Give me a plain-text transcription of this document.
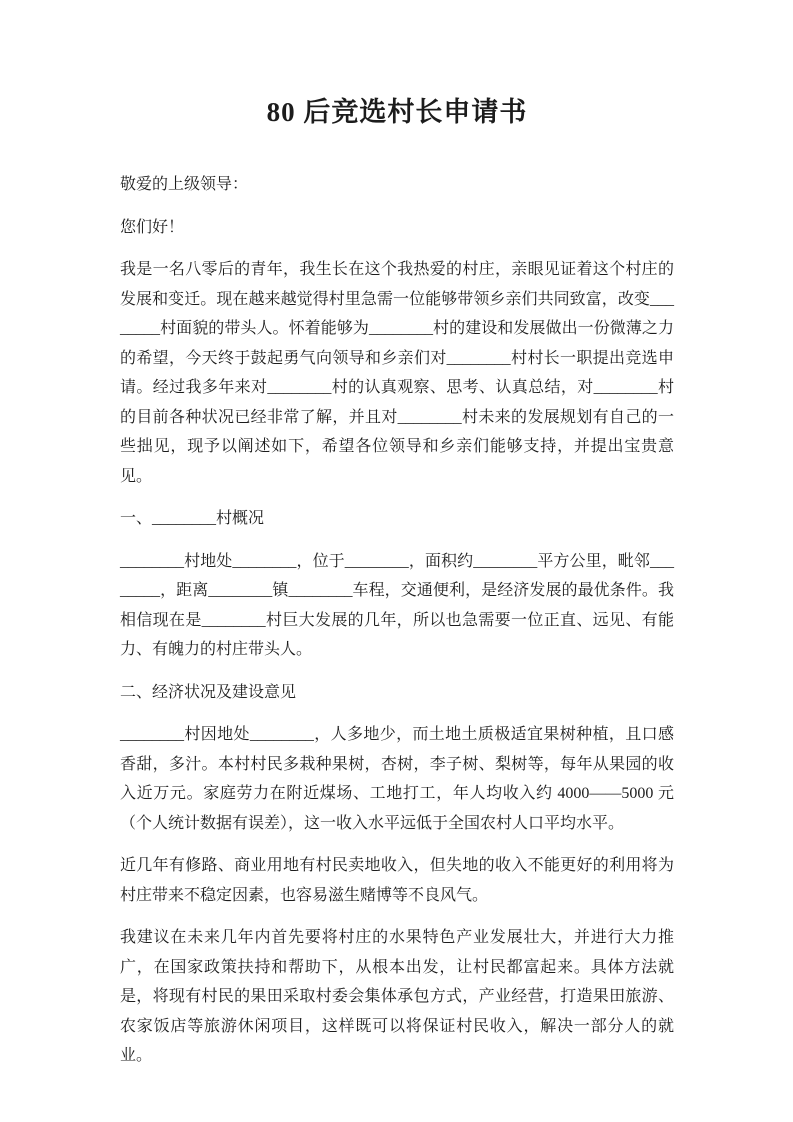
80 后竞选村长申请书

敬爱的上级领导：

您们好！

我是一名八零后的青年，我生长在这个我热爱的村庄，亲眼见证着这个村庄的发展和变迁。现在越来越觉得村里急需一位能够带领乡亲们共同致富，改变________村面貌的带头人。怀着能够为________村的建设和发展做出一份微薄之力的希望，今天终于鼓起勇气向领导和乡亲们对________村村长一职提出竞选申请。经过我多年来对________村的认真观察、思考、认真总结，对________村的目前各种状况已经非常了解，并且对________村未来的发展规划有自己的一些拙见，现予以阐述如下，希望各位领导和乡亲们能够支持，并提出宝贵意见。

一、________村概况

________村地处________，位于________，面积约________平方公里，毗邻________，距离________镇________车程，交通便利，是经济发展的最优条件。我相信现在是________村巨大发展的几年，所以也急需要一位正直、远见、有能力、有魄力的村庄带头人。

二、经济状况及建设意见

________村因地处________，人多地少，而土地土质极适宜果树种植，且口感香甜，多汁。本村村民多栽种果树，杏树，李子树、梨树等，每年从果园的收入近万元。家庭劳力在附近煤场、工地打工，年人均收入约 4000——5000 元（个人统计数据有误差），这一收入水平远低于全国农村人口平均水平。

近几年有修路、商业用地有村民卖地收入，但失地的收入不能更好的利用将为村庄带来不稳定因素，也容易滋生赌博等不良风气。

我建议在未来几年内首先要将村庄的水果特色产业发展壮大，并进行大力推广，在国家政策扶持和帮助下，从根本出发，让村民都富起来。具体方法就是，将现有村民的果田采取村委会集体承包方式，产业经营，打造果田旅游、农家饭店等旅游休闲项目，这样既可以将保证村民收入，解决一部分人的就业。
